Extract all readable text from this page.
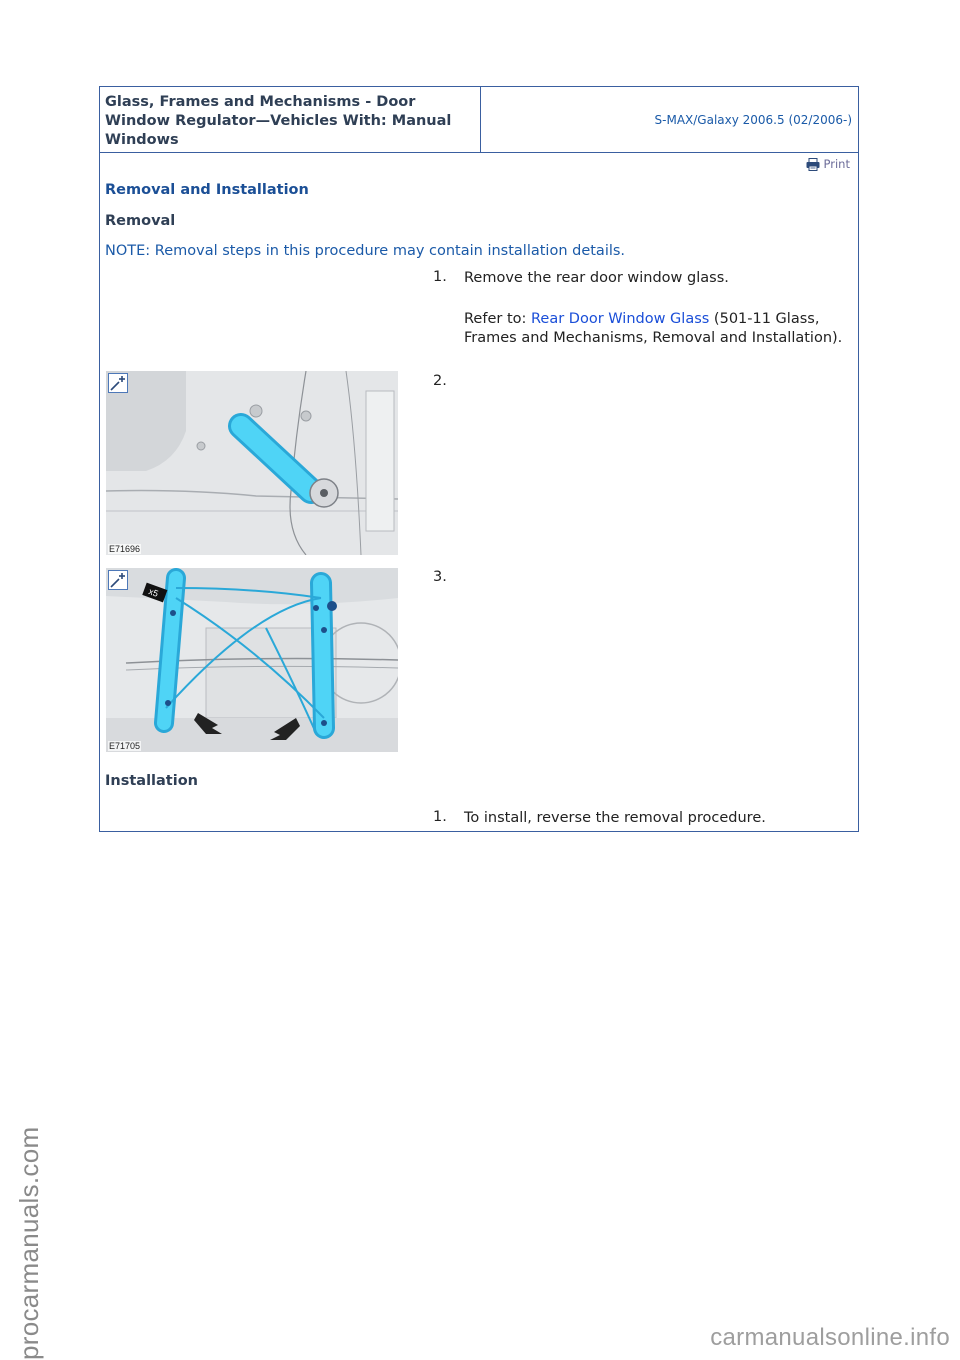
Glass, Frames and Mechanisms - Door Window Regulator—Vehicles With: Manual Windows
S-MAX/Galaxy 2006.5 (02/2006-)
Print
Removal and Installation
Removal
NOTE: Removal steps in this procedure may contain installation details.
1. Remove the rear door window glass.
Refer to: Rear Door Window Glass (501-11 Glass, Frames and Mechanisms, Removal and Installation).
E71696
2.
x5
E71705
3.
Installation
1. To install, reverse the removal procedure.
procarmanuals.com	carmanualsonline.info
